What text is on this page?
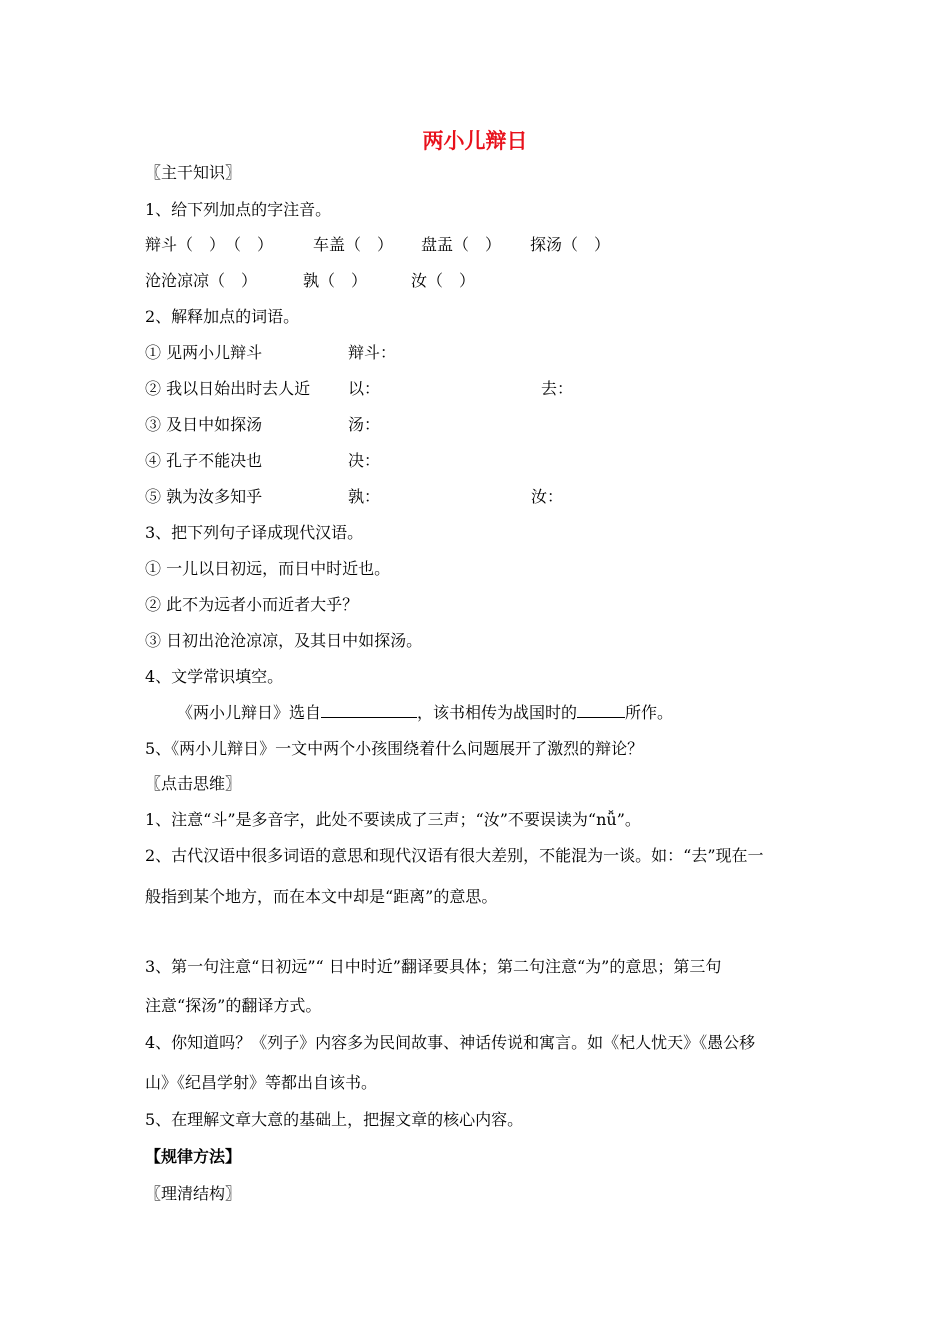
两小儿辩日
〖主干知识〗
1、给下列加点的字注音。
辩斗（　）　（　） 车盖（　） 盘盂（　） 探汤（　）
沧沧凉凉（　）	孰（　）	汝（　）
2、解释加点的词语。
① 见两小儿辩斗	辩斗：
② 我以日始出时去人近 以：	去：
③ 及日中如探汤	汤：
④ 孔子不能决也	决：
⑤ 孰为汝多知乎	孰：	汝：
3、把下列句子译成现代汉语。
① 一儿以日初远，而日中时近也。
② 此不为远者小而近者大乎？
③ 日初出沧沧凉凉，及其日中如探汤。
4、文学常识填空。
《两小儿辩日》选自	，该书相传为战国时的	所作。
5、《两小儿辩日》一文中两个小孩围绕着什么问题展开了激烈的辩论？
〖点击思维〗
1、注意“斗”是多音字，此处不要读成了三声；“汝”不要误读为“nǚ”。
2、古代汉语中很多词语的意思和现代汉语有很大差别，不能混为一谈。如：“去”现在一
般指到某个地方，而在本文中却是“距离”的意思。
3、第一句注意“日初远”“ 日中时近”翻译要具体；第二句注意“为”的意思；第三句
注意“探汤”的翻译方式。
4、你知道吗？《列子》内容多为民间故事、神话传说和寓言。如《杞人忧天》《愚公移
山》《纪昌学射》等都出自该书。
5、在理解文章大意的基础上，把握文章的核心内容。
【规律方法】
〖理清结构〗
